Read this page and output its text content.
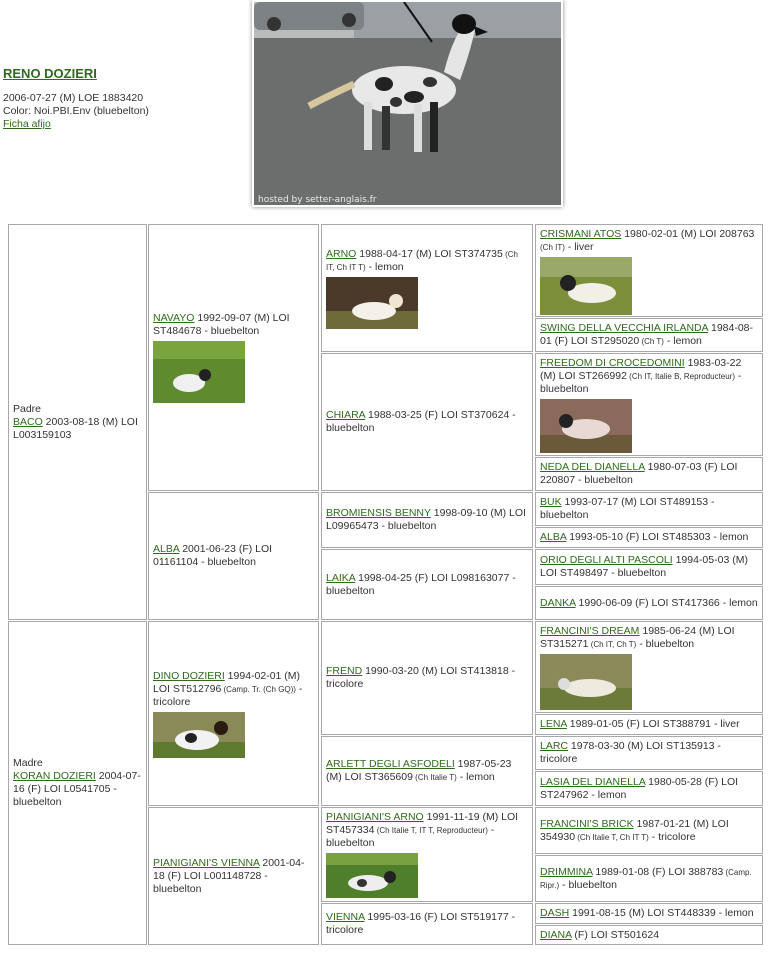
RENO DOZIERI
2006-07-27 (M) LOE 1883420
Color: Noi.PBI.Env (bluebelton)
Ficha afijo
hosted by setter-anglais.fr
Padre
BACO 2003-08-18 (M) LOI L003159103
Madre
KORAN DOZIERI 2004-07-16 (F) LOI L0541705 - bluebelton
NAVAYO 1992-09-07 (M) LOI ST484678 - bluebelton
ALBA 2001-06-23 (F) LOI 01161104 - bluebelton
DINO DOZIERI 1994-02-01 (M) LOI ST512796 (Camp. Tr. (Ch GQ)) - tricolore
PIANIGIANI'S VIENNA 2001-04-18 (F) LOI L001148728 - bluebelton
ARNO 1988-04-17 (M) LOI ST374735 (Ch IT, Ch IT T) - lemon
CHIARA 1988-03-25 (F) LOI ST370624 - bluebelton
BROMIENSIS BENNY 1998-09-10 (M) LOI L09965473 - bluebelton
LAIKA 1998-04-25 (F) LOI L098163077 - bluebelton
FREND 1990-03-20 (M) LOI ST413818 - tricolore
ARLETT DEGLI ASFODELI 1987-05-23 (M) LOI ST365609 (Ch Italie T) - lemon
PIANIGIANI'S ARNO 1991-11-19 (M) LOI ST457334 (Ch Italie T, IT T, Reproducteur) - bluebelton
VIENNA 1995-03-16 (F) LOI ST519177 - tricolore
CRISMANI ATOS 1980-02-01 (M) LOI 208763 (Ch IT) - liver
SWING DELLA VECCHIA IRLANDA 1984-08-01 (F) LOI ST295020 (Ch T) - lemon
FREEDOM DI CROCEDOMINI 1983-03-22 (M) LOI ST266992 (Ch IT, Italie B, Reproducteur) - bluebelton
NEDA DEL DIANELLA 1980-07-03 (F) LOI 220807 - bluebelton
BUK 1993-07-17 (M) LOI ST489153 - bluebelton
ALBA 1993-05-10 (F) LOI ST485303 - lemon
ORIO DEGLI ALTI PASCOLI 1994-05-03 (M) LOI ST498497 - bluebelton
DANKA 1990-06-09 (F) LOI ST417366 - lemon
FRANCINI'S DREAM 1985-06-24 (M) LOI ST315271 (Ch IT, Ch T) - bluebelton
LENA 1989-01-05 (F) LOI ST388791 - liver
LARC 1978-03-30 (M) LOI ST135913 - tricolore
LASIA DEL DIANELLA 1980-05-28 (F) LOI ST247962 - lemon
FRANCINI'S BRICK 1987-01-21 (M) LOI 354930 (Ch Italie T, Ch IT T) - tricolore
DRIMMINA 1989-01-08 (F) LOI 388783 (Camp. Ripr.) - bluebelton
DASH 1991-08-15 (M) LOI ST448339 - lemon
DIANA (F) LOI ST501624
